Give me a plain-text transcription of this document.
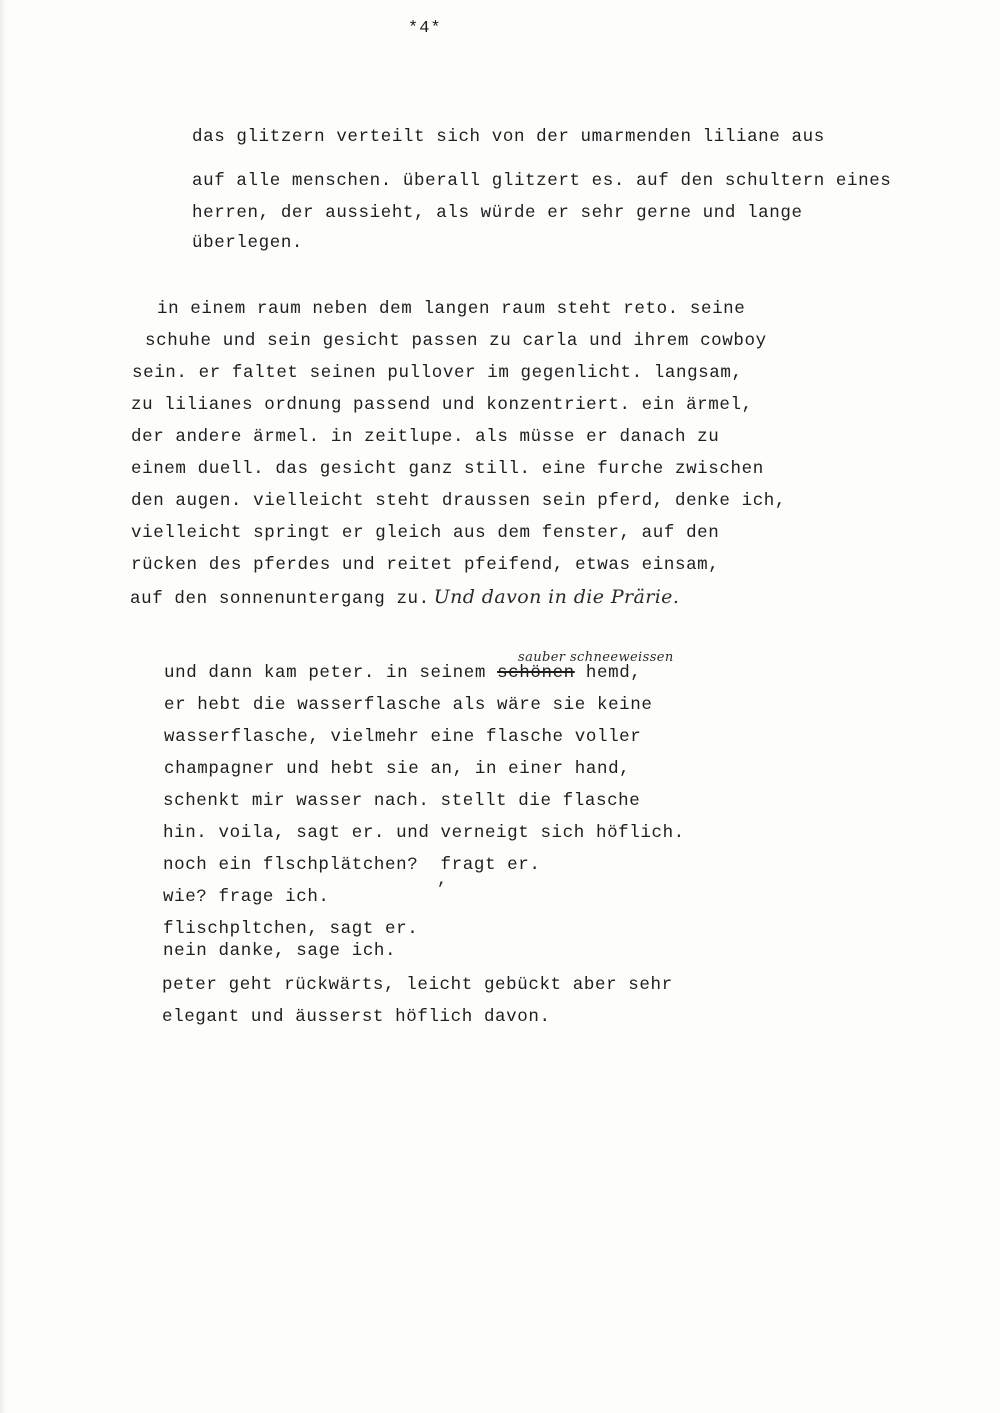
*4*
das glitzern verteilt sich von der umarmenden liliane aus
auf alle menschen. überall glitzert es. auf den schultern eines
herren, der aussieht, als würde er sehr gerne und lange
überlegen.
in einem raum neben dem langen raum steht reto. seine
schuhe und sein gesicht passen zu carla und ihrem cowboy
sein. er faltet seinen pullover im gegenlicht. langsam,
zu lilianes ordnung passend und konzentriert. ein ärmel,
der andere ärmel. in zeitlupe. als müsse er danach zu
einem duell. das gesicht ganz still. eine furche zwischen
den augen. vielleicht steht draussen sein pferd, denke ich,
vielleicht springt er gleich aus dem fenster, auf den
rücken des pferdes und reitet pfeifend, etwas einsam,
auf den sonnenuntergang zu. Und davon in die Prärie.
sauber schneeweissen
und dann kam peter. in seinem schönen hemd,
er hebt die wasserflasche als wäre sie keine
wasserflasche, vielmehr eine flasche voller
champagner und hebt sie an, in einer hand,
schenkt mir wasser nach. stellt die flasche
hin. voila, sagt er. und verneigt sich höflich.
noch ein flschplätchen?  fragt er.
,
wie? frage ich.
flischpltchen, sagt er.
nein danke, sage ich.
peter geht rückwärts, leicht gebückt aber sehr
elegant und äusserst höflich davon.
